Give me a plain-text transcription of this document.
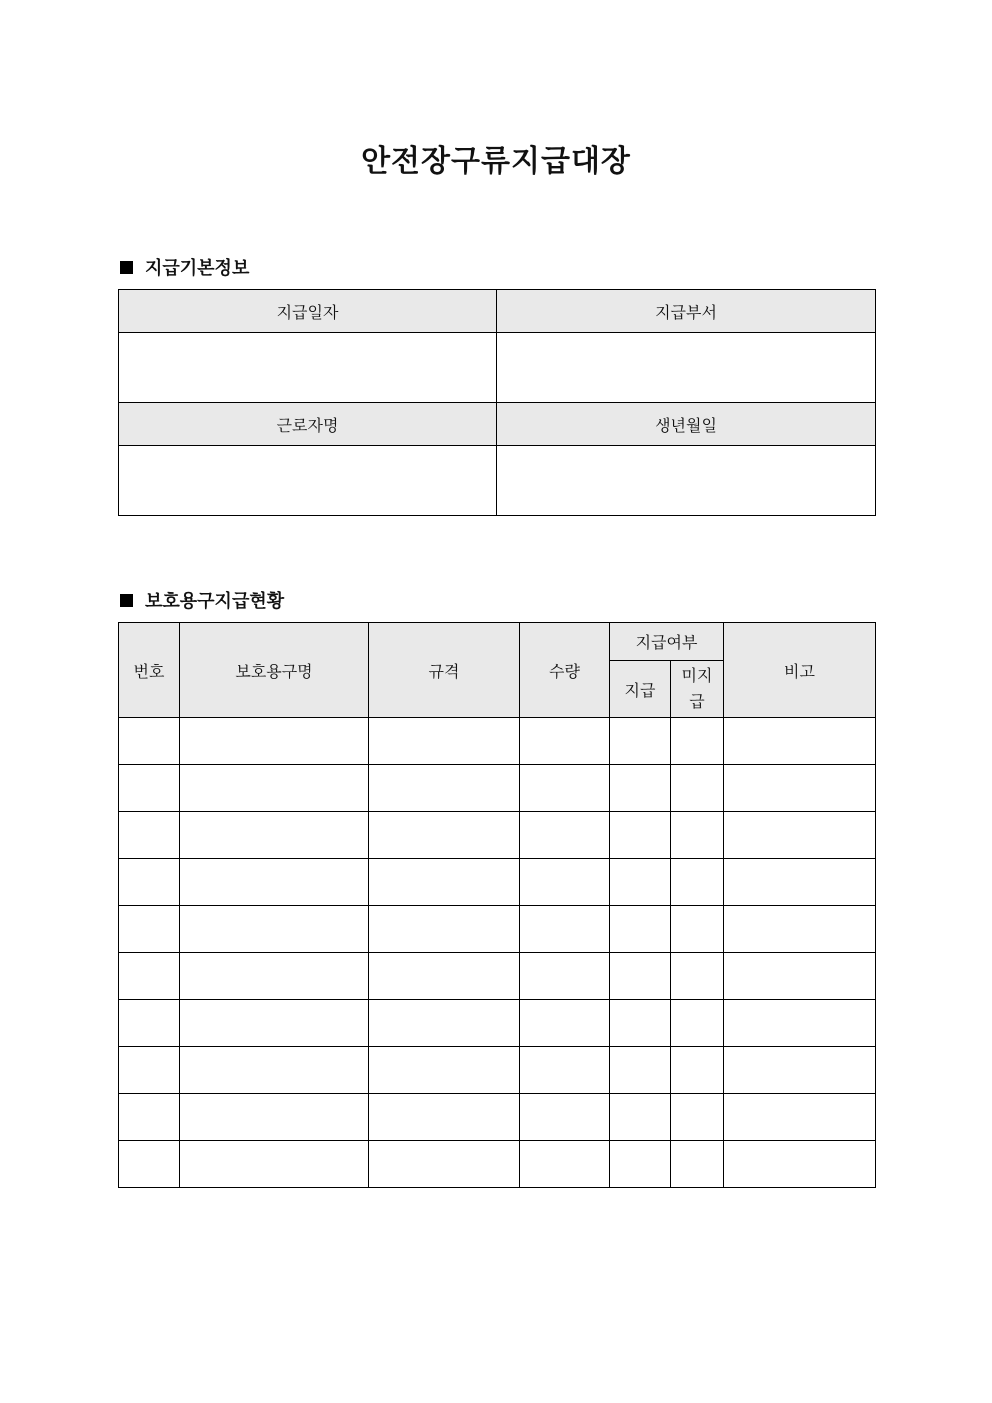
안전장구류지급대장
지급기본정보
지급일자	지급부서

근로자명	생년월일

보호용구지급현황
번호	보호용구명	규격	수량	지급여부		비고
				지급	미지
급	
